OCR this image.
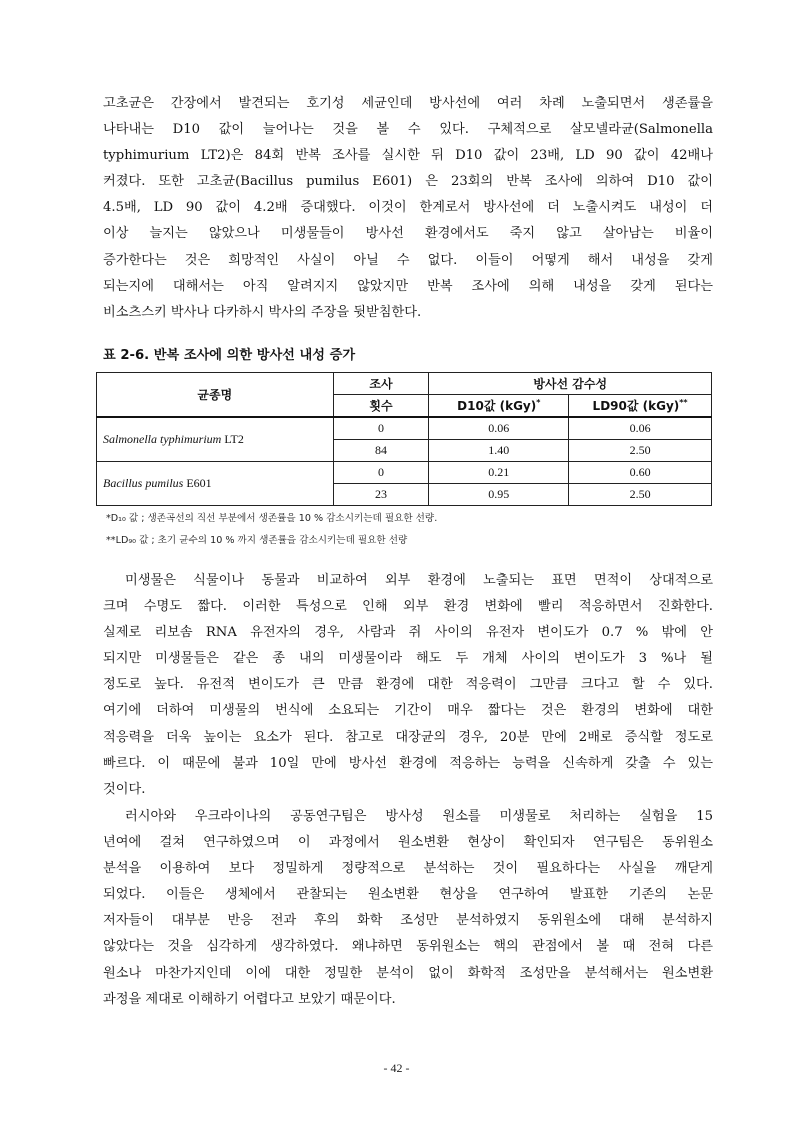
고초균은 간장에서 발견되는 호기성 세균인데 방사선에 여러 차례 노출되면서 생존률을
나타내는 D10 값이 늘어나는 것을 볼 수 있다. 구체적으로 살모넬라균(Salmonella
typhimurium LT2)은 84회 반복 조사를 실시한 뒤 D10 값이 23배, LD 90 값이 42배나
커졌다. 또한 고초균(Bacillus pumilus E601) 은 23회의 반복 조사에 의하여 D10 값이
4.5배, LD 90 값이 4.2배 증대했다. 이것이 한계로서 방사선에 더 노출시켜도 내성이 더
이상 늘지는 않았으나 미생물들이 방사선 환경에서도 죽지 않고 살아남는 비율이
증가한다는 것은 희망적인 사실이 아닐 수 없다. 이들이 어떻게 해서 내성을 갖게
되는지에 대해서는 아직 알려지지 않았지만 반복 조사에 의해 내성을 갖게 된다는
비소츠스키 박사나 다카하시 박사의 주장을 뒷받침한다.

표 2-6. 반복 조사에 의한 방사선 내성 증가

균종명	조사	방사선 감수성	
	횟수	D10값 (kGy)*	LD90값 (kGy)**
Salmonella typhimurium LT2	0	0.06	0.06
	84	1.40	2.50
Bacillus pumilus E601	0	0.21	0.60
	23	0.95	2.50
*D₁₀ 값 ; 생존곡선의 직선 부분에서 생존률을 10 % 감소시키는데 필요한 선량.
**LD₉₀ 값 ; 초기 균수의 10 % 까지 생존률을 감소시키는데 필요한 선량
미생물은 식물이나 동물과 비교하여 외부 환경에 노출되는 표면 면적이 상대적으로
크며 수명도 짧다. 이러한 특성으로 인해 외부 환경 변화에 빨리 적응하면서 진화한다.
실제로 리보솜 RNA 유전자의 경우, 사람과 쥐 사이의 유전자 변이도가 0.7 % 밖에 안
되지만 미생물들은 같은 종 내의 미생물이라 해도 두 개체 사이의 변이도가 3 %나 될
정도로 높다. 유전적 변이도가 큰 만큼 환경에 대한 적응력이 그만큼 크다고 할 수 있다.
여기에 더하여 미생물의 번식에 소요되는 기간이 매우 짧다는 것은 환경의 변화에 대한
적응력을 더욱 높이는 요소가 된다. 참고로 대장균의 경우, 20분 만에 2배로 증식할 정도로
빠르다. 이 때문에 불과 10일 만에 방사선 환경에 적응하는 능력을 신속하게 갖출 수 있는
것이다.
러시아와 우크라이나의 공동연구팀은 방사성 원소를 미생물로 처리하는 실험을 15
년여에 걸쳐 연구하였으며 이 과정에서 원소변환 현상이 확인되자 연구팀은 동위원소
분석을 이용하여 보다 정밀하게 정량적으로 분석하는 것이 필요하다는 사실을 깨닫게
되었다. 이들은 생체에서 관찰되는 원소변환 현상을 연구하여 발표한 기존의 논문
저자들이 대부분 반응 전과 후의 화학 조성만 분석하였지 동위원소에 대해 분석하지
않았다는 것을 심각하게 생각하였다. 왜냐하면 동위원소는 핵의 관점에서 볼 때 전혀 다른
원소나 마찬가지인데 이에 대한 정밀한 분석이 없이 화학적 조성만을 분석해서는 원소변환
과정을 제대로 이해하기 어렵다고 보았기 때문이다.
- 42 -
